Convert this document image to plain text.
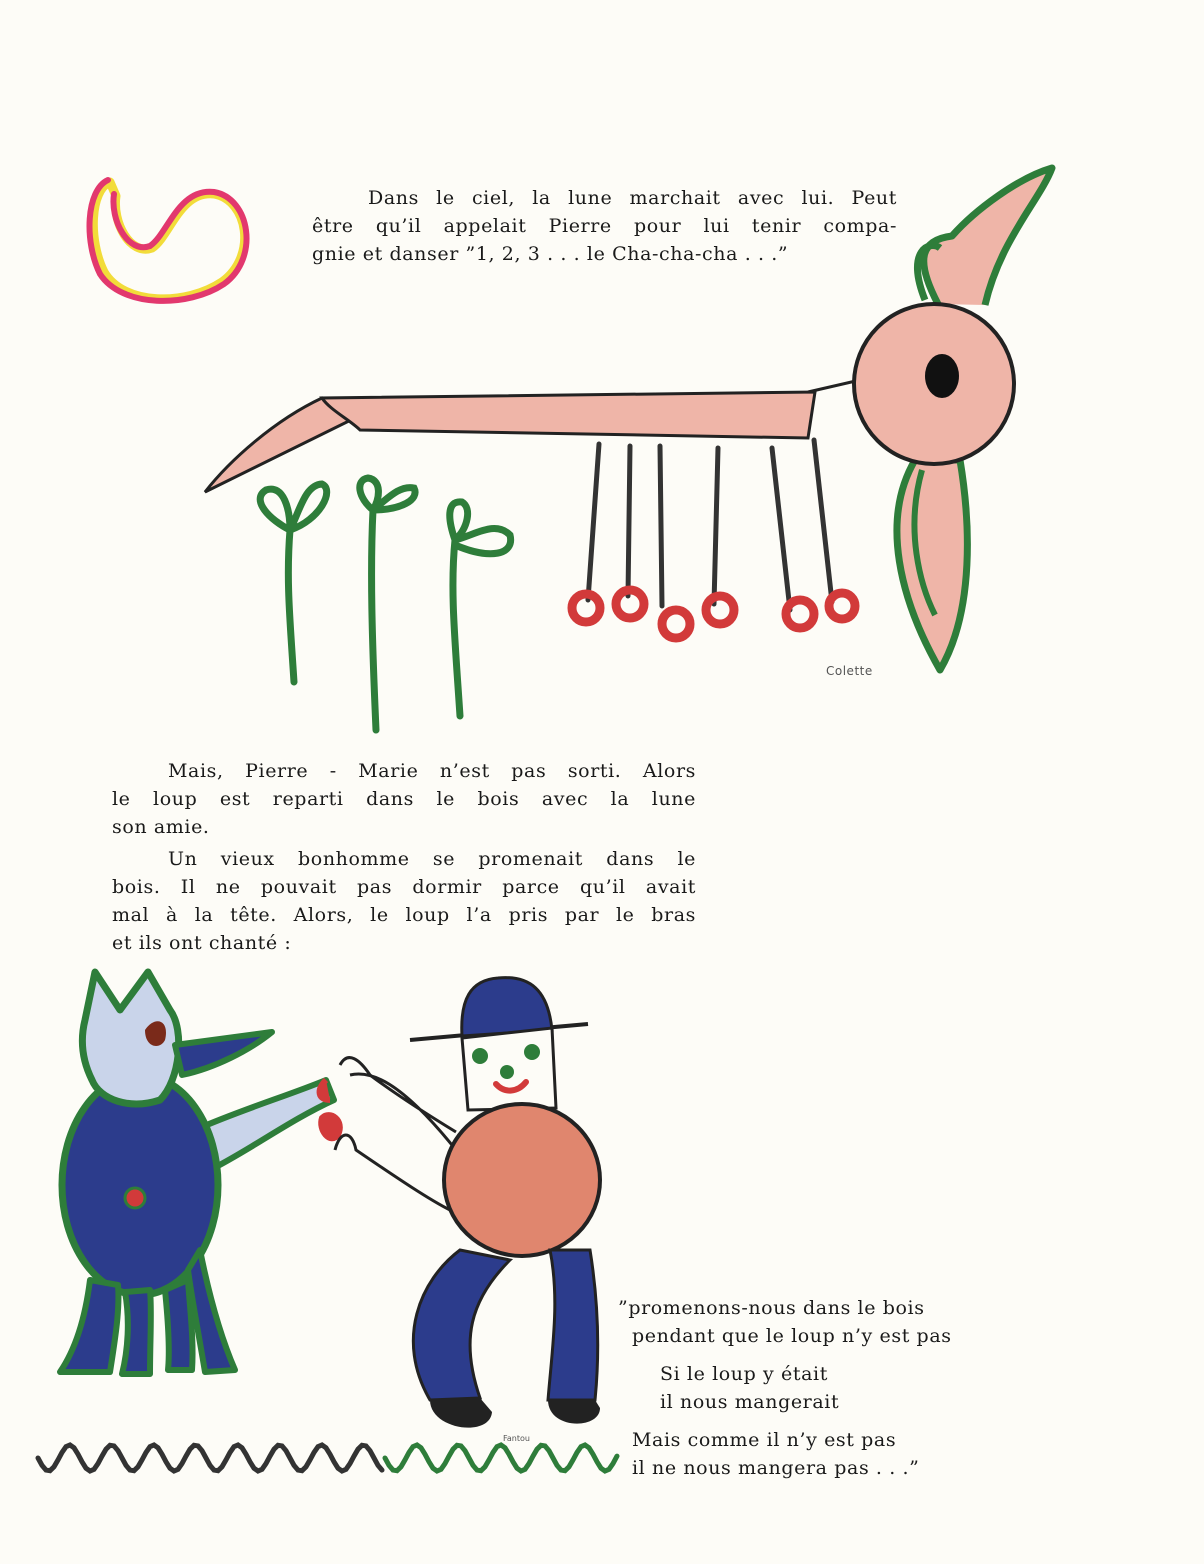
Dans le ciel, la lune marchait avec lui. Peut

être qu’il appelait Pierre pour lui tenir compa-

gnie et danser ”1, 2, 3 . . . le Cha-cha-cha . . .”

Mais, Pierre - Marie n’est pas sorti. Alors

le loup est reparti dans le bois avec la lune

son amie.

Un vieux bonhomme se promenait dans le

bois. Il ne pouvait pas dormir parce qu’il avait

mal à la tête. Alors, le loup l’a pris par le bras

et ils ont chanté :

”promenons-nous dans le bois
pendant que le loup n’y est pas
Si le loup y était
il nous mangerait
Mais comme il n’y est pas
il ne nous mangera pas . . .”
Colette
Fantou
